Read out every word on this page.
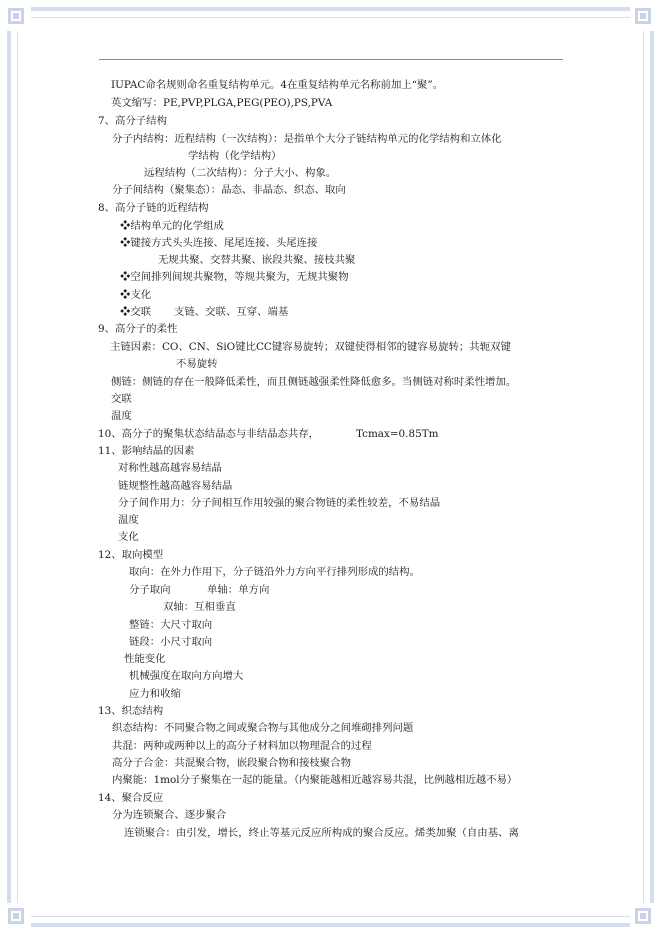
IUPAC命名规则命名重复结构单元。4在重复结构单元名称前加上“聚”。
英文缩写：PE,PVP,PLGA,PEG(PEO),PS,PVA
7、高分子结构
分子内结构：近程结构（一次结构）：是指单个大分子链结构单元的化学结构和立体化
学结构（化学结构）
远程结构（二次结构）：分子大小、构象。
分子间结构（聚集态）：晶态、非晶态、织态、取向
8、高分子链的近程结构
❖结构单元的化学组成
❖键接方式头头连接、尾尾连接、头尾连接
无规共聚、交替共聚、嵌段共聚、接枝共聚
❖空间排列间规共聚物，等规共聚为，无规共聚物
❖支化
❖交联 支链、交联、互穿、端基
9、高分子的柔性
主链因素：CO、CN、SiO键比CC键容易旋转；双键使得相邻的键容易旋转；共轭双键
不易旋转
侧链：侧链的存在一般降低柔性，而且侧链越强柔性降低愈多。当侧链对称时柔性增加。
交联
温度
10、高分子的聚集状态结晶态与非结晶态共存，	Tcmax=0.85Tm
11、影响结晶的因素
对称性越高越容易结晶
链规整性越高越容易结晶
分子间作用力：分子间相互作用较强的聚合物链的柔性较差，不易结晶
温度
支化
12、取向模型
取向：在外力作用下，分子链沿外力方向平行排列形成的结构。
分子取向	单轴：单方向
双轴：互相垂直
整链：大尺寸取向
链段：小尺寸取向
性能变化
机械强度在取向方向增大
应力和收缩
13、织态结构
织态结构：不同聚合物之间或聚合物与其他成分之间堆砌排列问题
共混：两种或两种以上的高分子材料加以物理混合的过程
高分子合金：共混聚合物，嵌段聚合物和接枝聚合物
内聚能：1mol分子聚集在一起的能量。（内聚能越相近越容易共混，比例越相近越不易）
14、聚合反应
分为连锁聚合、逐步聚合
连锁聚合：由引发，增长，终止等基元反应所构成的聚合反应。烯类加聚（自由基、离
